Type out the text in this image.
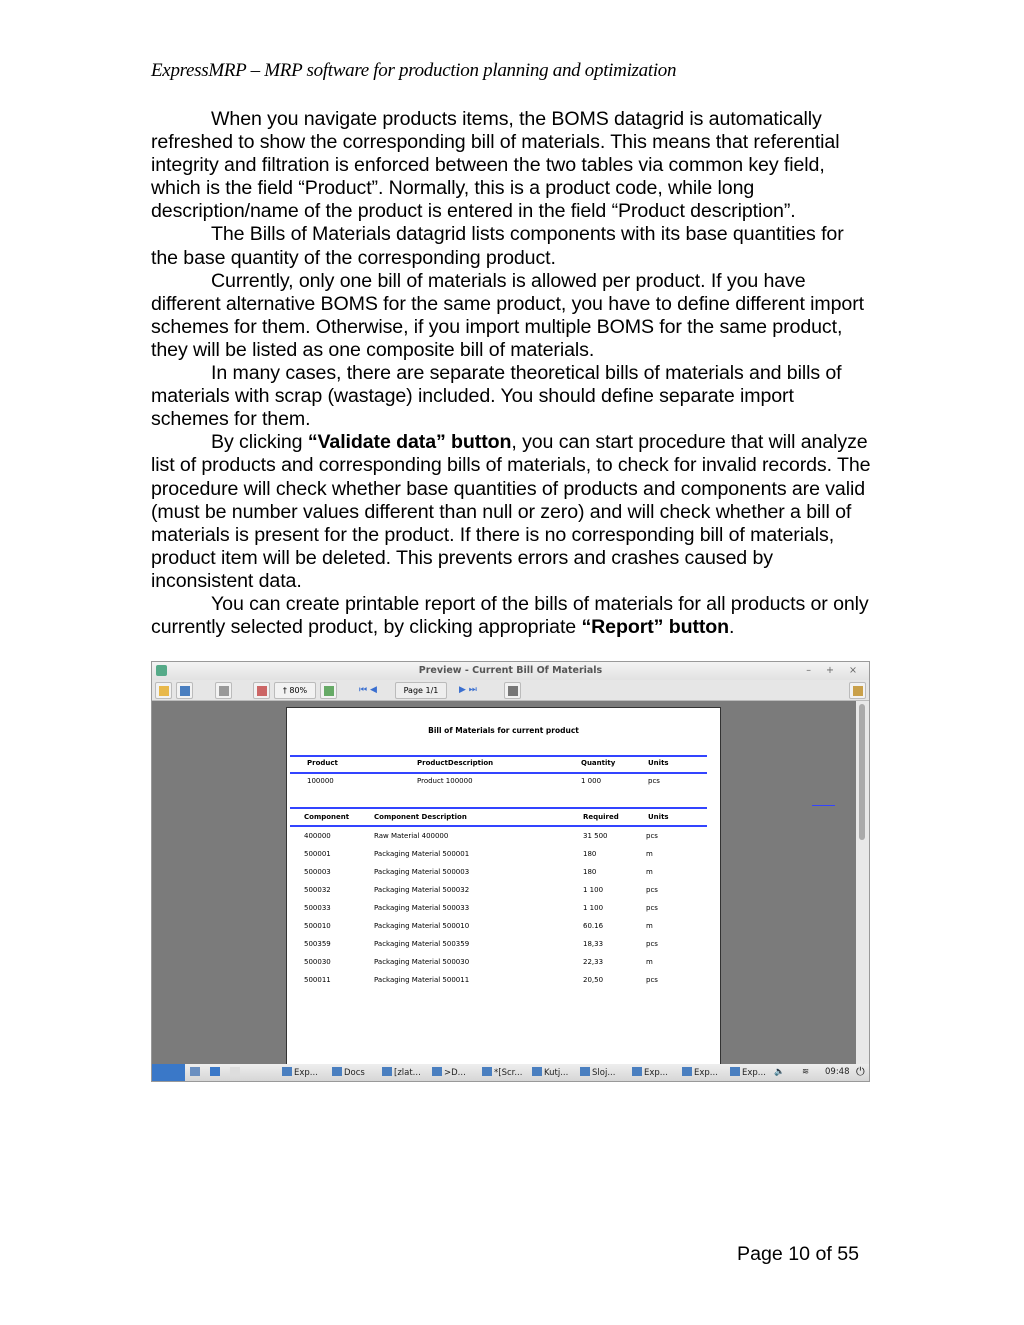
ExpressMRP – MRP software for production planning and optimization

When you navigate products items, the BOMS datagrid is automatically refreshed to show the corresponding bill of materials. This means that referential integrity and filtration is enforced between the two tables via common key field, which is the field “Product”. Normally, this is a product code, while long description/name of the product is entered in the field “Product description”.

The Bills of Materials datagrid lists components with its base quantities for the base quantity of the corresponding product.

Currently, only one bill of materials is allowed per product. If you have different alternative BOMS for the same product, you have to define different import schemes for them. Otherwise, if you import multiple BOMS for the same product, they will be listed as one composite bill of materials.

In many cases, there are separate theoretical bills of materials and bills of materials with scrap (wastage) included. You should define separate import schemes for them.

By clicking “Validate data” button, you can start procedure that will analyze list of products and corresponding bills of materials, to check for invalid records. The procedure will check whether base quantities of products and components are valid (must be number values different than null or zero) and will check whether a bill of materials is present for the product. If there is no corresponding bill of materials, product item will be deleted. This prevents errors and crashes caused by inconsistent data.

You can create printable report of the bills of materials for all products or only currently selected product, by clicking appropriate “Report” button.

Preview - Current Bill Of Materials	– + ×
† 80%	⏮ ◀	Page 1/1	▶ ⏭
Bill of Materials for current product
Product	ProductDescription	Quantity	Units
100000	Product 100000	1 000	pcs
Component	Component Description	Required	Units
400000	Raw Material 400000	31 500	pcs
500001	Packaging Material 500001	180	m
500003	Packaging Material 500003	180	m
500032	Packaging Material 500032	1 100	pcs
500033	Packaging Material 500033	1 100	pcs
500010	Packaging Material 500010	60.16	m
500359	Packaging Material 500359	18,33	pcs
500030	Packaging Material 500030	22,33	m
500011	Packaging Material 500011	20,50	pcs
Exp...	Docs	[zlat...	>D...	*[Scr...	Kutj...	Sloj...	Exp...	Exp...	Exp... 🔈 ≋ 09:48 ⏻
Page 10 of 55
